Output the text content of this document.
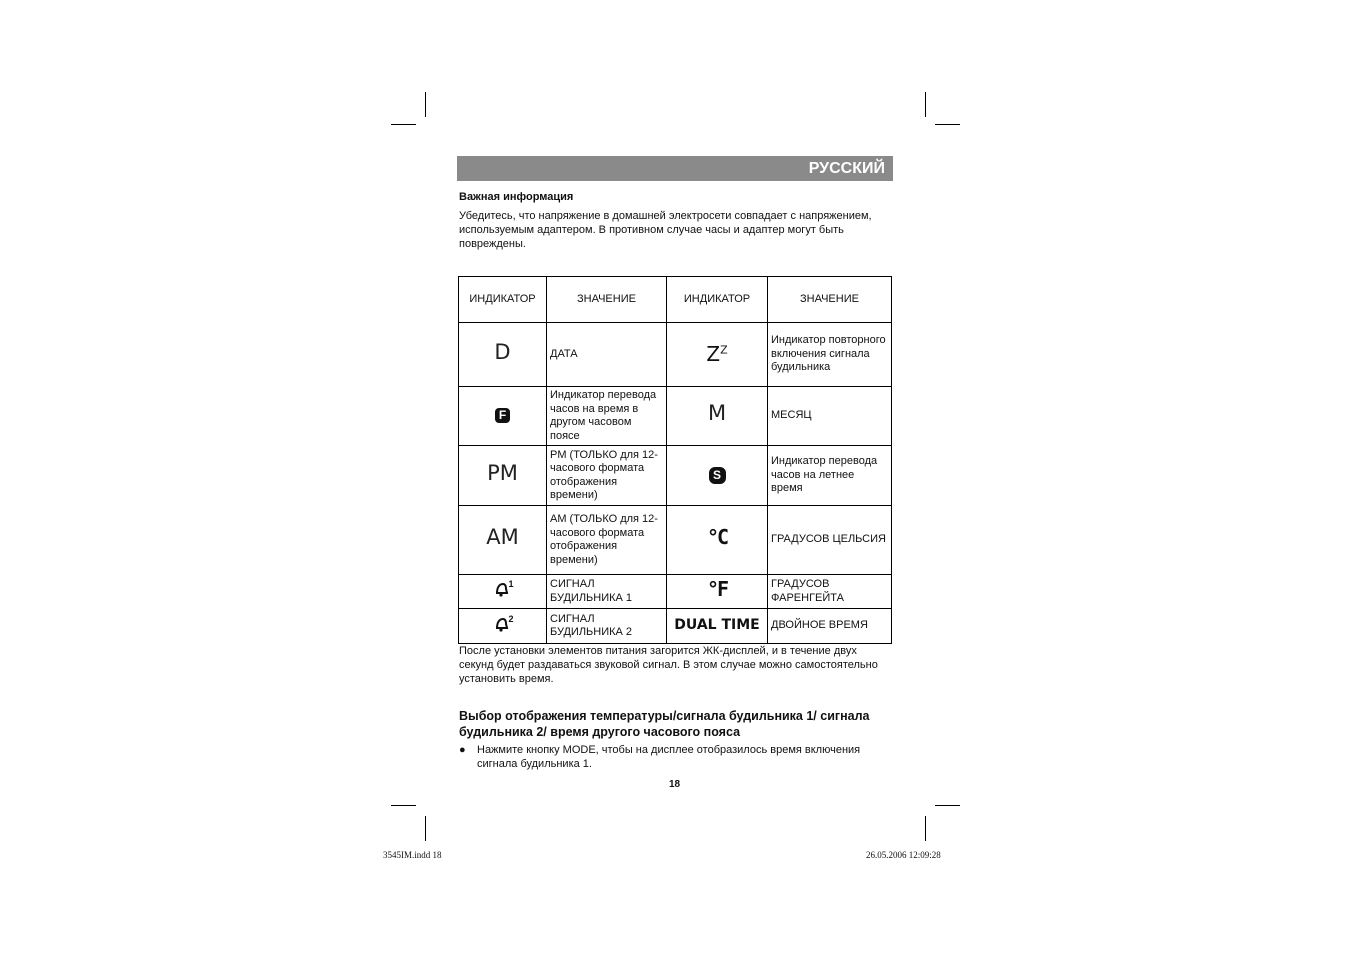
РУССКИЙ
Важная информация
Убедитесь, что напряжение в домашней электросети совпадает с напряжением, используемым адаптером. В противном случае часы и адаптер могут быть повреждены.
ИНДИКАТОР	ЗНАЧЕНИЕ	ИНДИКАТОР	ЗНАЧЕНИЕ
D	ДАТА	$Z^Z$	Индикатор повторного включения сигнала будильника
F	Индикатор перевода часов на время в другом часовом поясе	M	МЕСЯЦ
PM	PM (ТОЛЬКО для 12-часового формата отображения времени)	S	Индикатор перевода часов на летнее время
AM	AM (ТОЛЬКО для 12-часового формата отображения времени)	°C	ГРАДУСОВ ЦЕЛЬСИЯ

1	СИГНАЛ БУДИЛЬНИКА 1	°F	ГРАДУСОВ ФАРЕНГЕЙТА

2	СИГНАЛ БУДИЛЬНИКА 2	DUAL TIME	ДВОЙНОЕ ВРЕМЯ
После установки элементов питания загорится ЖК-дисплей, и в течение двух секунд будет раздаваться звуковой сигнал. В этом случае можно самостоятельно установить время.
Выбор отображения температуры/сигнала будильника 1/ сигнала будильника 2/ время другого часового пояса
● Нажмите кнопку MODE, чтобы на дисплее отобразилось время включения сигнала будильника 1.
18
3545IM.indd 18	26.05.2006 12:09:28
